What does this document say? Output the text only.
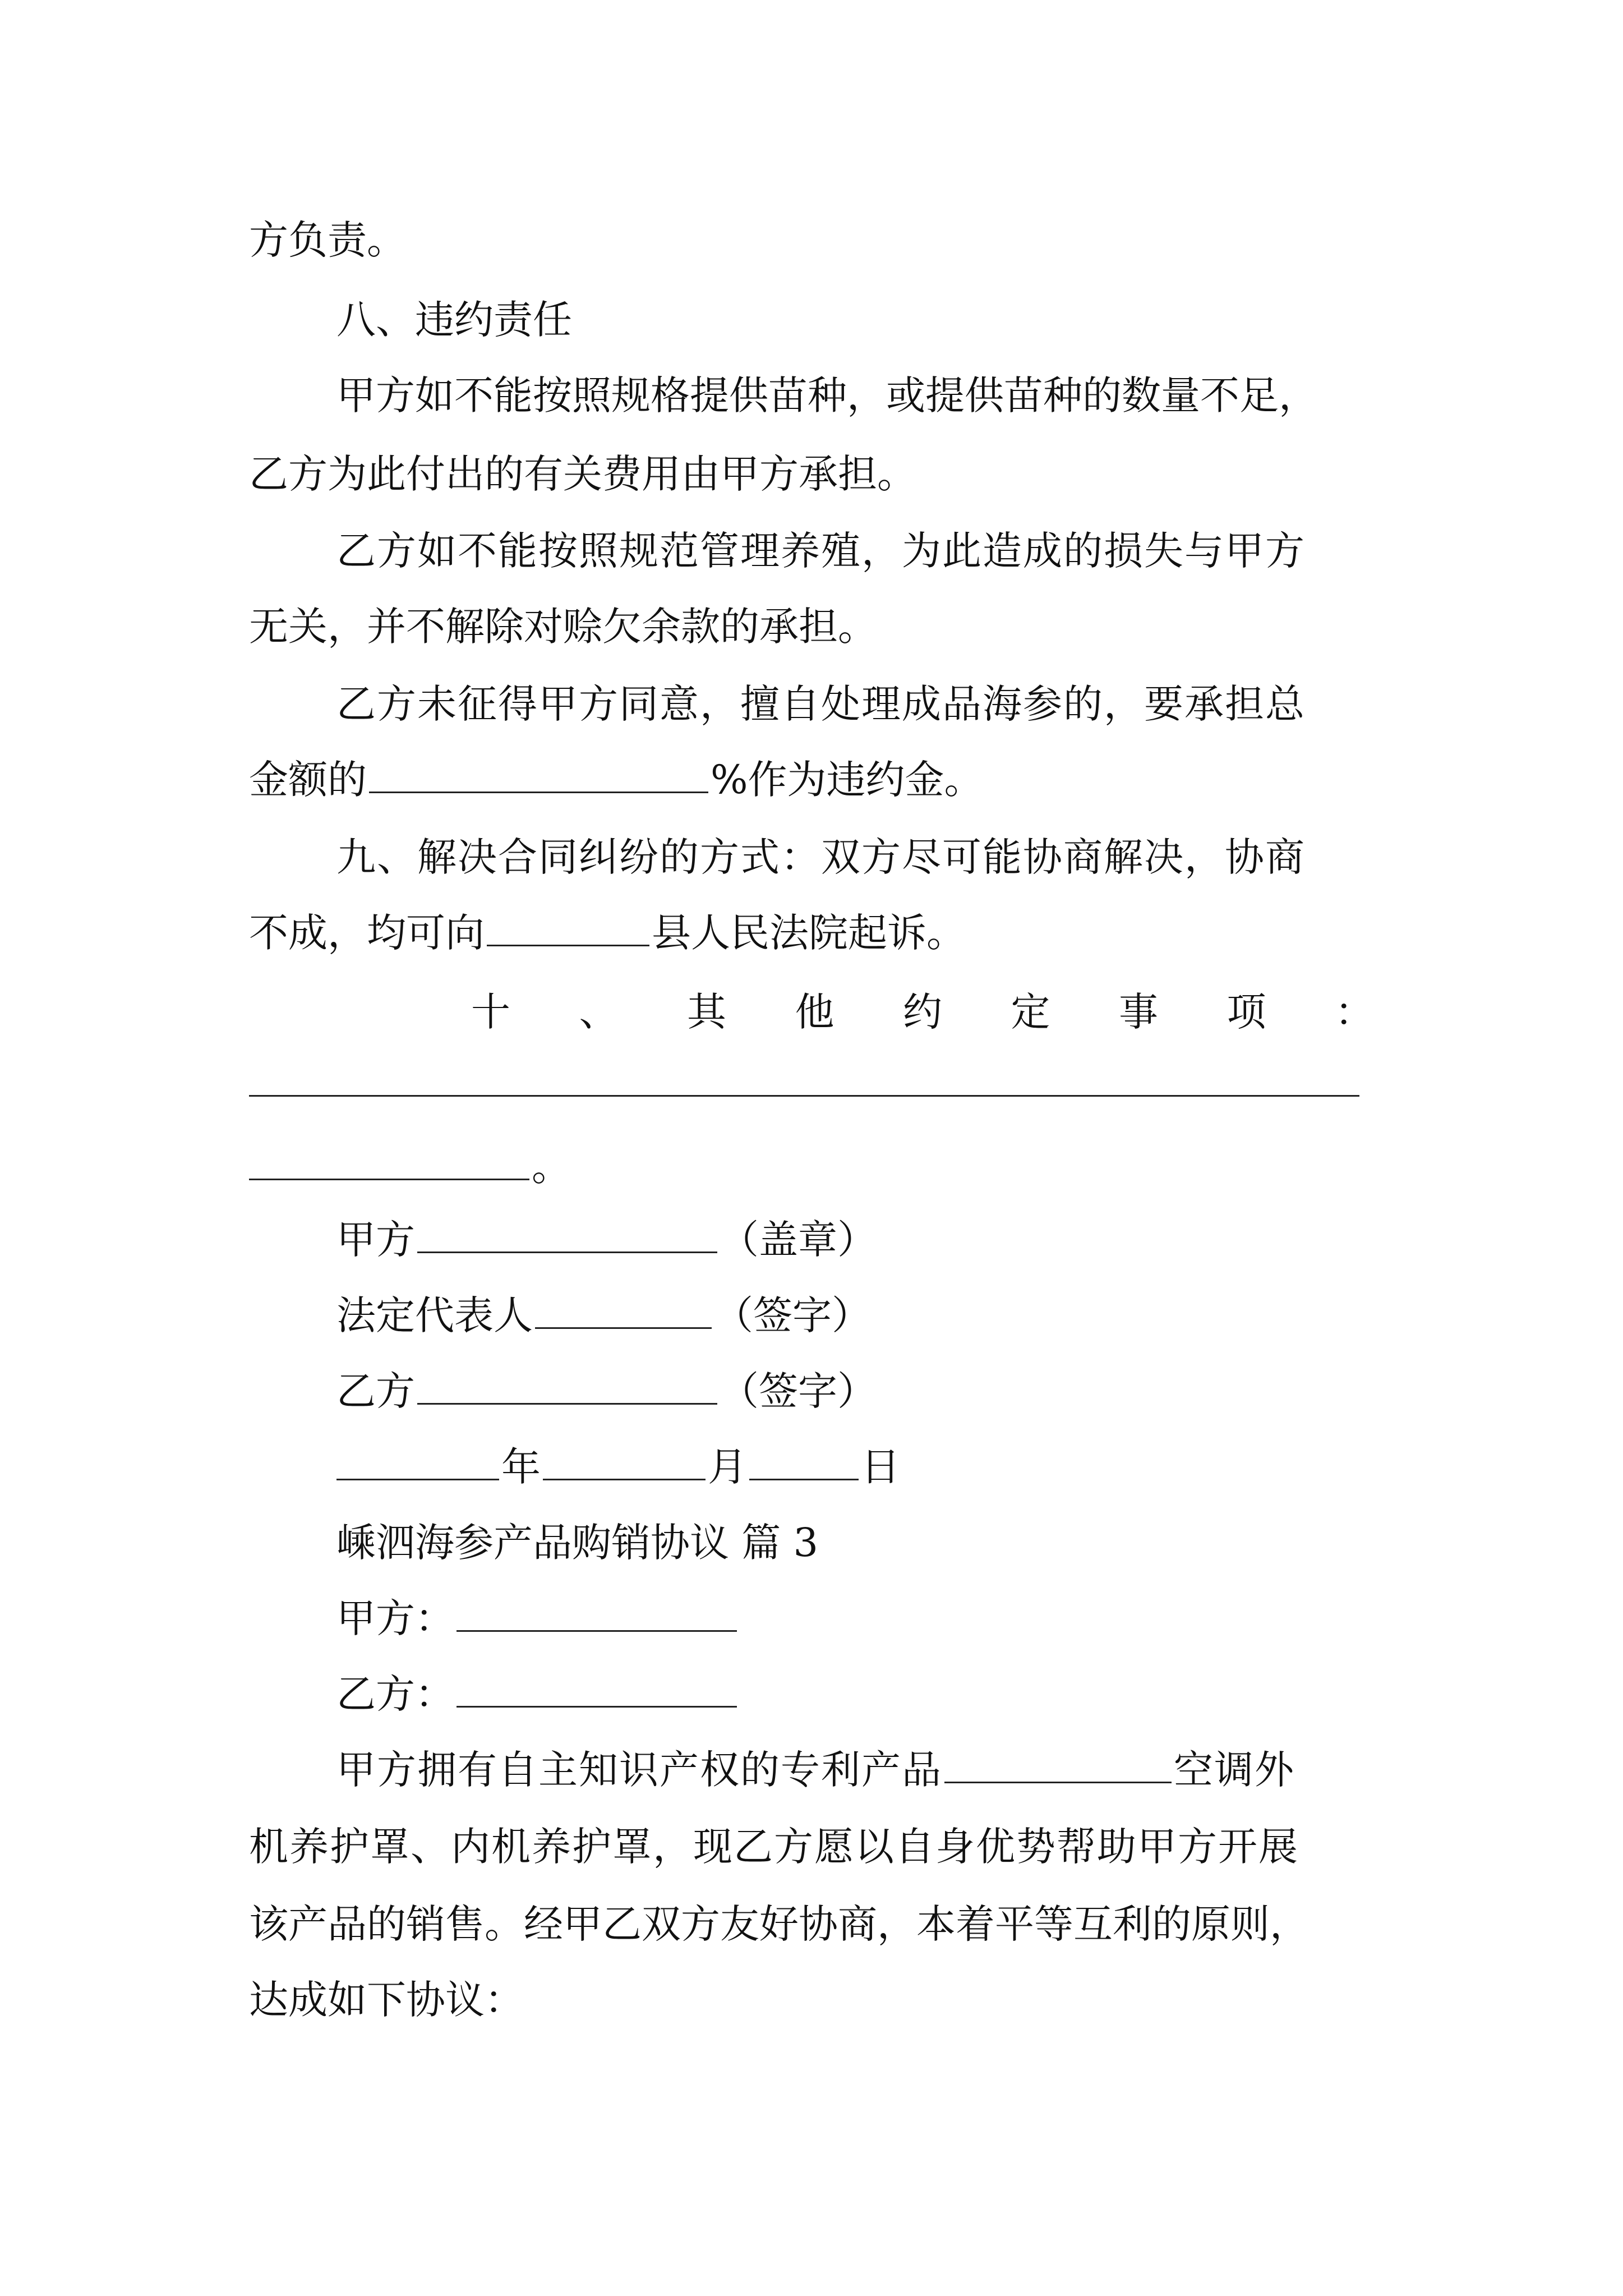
方负责。
八、违约责任
甲方如不能按照规格提供苗种，或提供苗种的数量不足，
乙方为此付出的有关费用由甲方承担。
乙方如不能按照规范管理养殖，为此造成的损失与甲方
无关，并不解除对赊欠余款的承担。
乙方未征得甲方同意，擅自处理成品海参的，要承担总
金额的	%作为违约金。
九、解决合同纠纷的方式：双方尽可能协商解决，协商
不成，均可向	县人民法院起诉。
十 、 其 他 约 定 事 项 ：
。
甲方	（盖章）
法定代表人	（签字）
乙方	（签字）
年	月	日
嵊泗海参产品购销协议 篇 3
甲方：
乙方：
甲方拥有自主知识产权的专利产品	空调外
机养护罩、内机养护罩，现乙方愿以自身优势帮助甲方开展
该产品的销售。经甲乙双方友好协商，本着平等互利的原则，
达成如下协议：
